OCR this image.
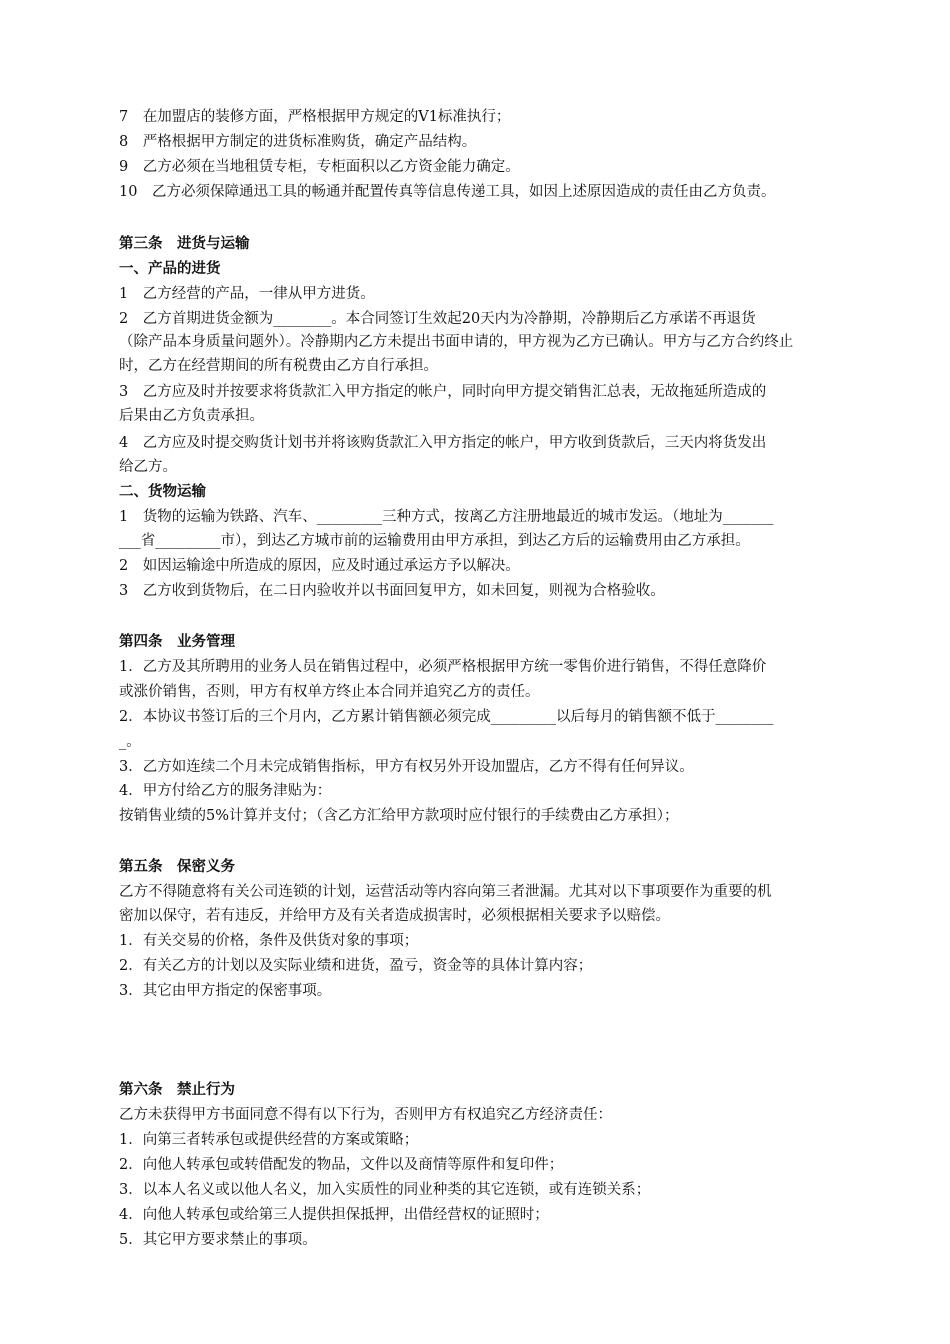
7　在加盟店的装修方面，严格根据甲方规定的V1标准执行；
8　严格根据甲方制定的进货标准购货，确定产品结构。
9　乙方必须在当地租赁专柜，专柜面积以乙方资金能力确定。
10　乙方必须保障通迅工具的畅通并配置传真等信息传递工具，如因上述原因造成的责任由乙方负责。
第三条　进货与运输
一、产品的进货
1　乙方经营的产品，一律从甲方进货。
2　乙方首期进货金额为________。本合同签订生效起20天内为冷静期，冷静期后乙方承诺不再退货
（除产品本身质量问题外）。冷静期内乙方未提出书面申请的，甲方视为乙方已确认。甲方与乙方合约终止
时，乙方在经营期间的所有税费由乙方自行承担。
3　乙方应及时并按要求将货款汇入甲方指定的帐户，同时向甲方提交销售汇总表，无故拖延所造成的
后果由乙方负责承担。
4　乙方应及时提交购货计划书并将该购货款汇入甲方指定的帐户，甲方收到货款后，三天内将货发出
给乙方。
二、货物运输
1　货物的运输为铁路、汽车、_________三种方式，按离乙方注册地最近的城市发运。（地址为_______
___省_________市），到达乙方城市前的运输费用由甲方承担，到达乙方后的运输费用由乙方承担。
2　如因运输途中所造成的原因，应及时通过承运方予以解决。
3　乙方收到货物后，在二日内验收并以书面回复甲方，如未回复，则视为合格验收。
第四条　业务管理
1．乙方及其所聘用的业务人员在销售过程中，必须严格根据甲方统一零售价进行销售，不得任意降价
或涨价销售，否则，甲方有权单方终止本合同并追究乙方的责任。
2．本协议书签订后的三个月内，乙方累计销售额必须完成_________以后每月的销售额不低于________
_。
3．乙方如连续二个月未完成销售指标，甲方有权另外开设加盟店，乙方不得有任何异议。
4．甲方付给乙方的服务津贴为：
按销售业绩的5%计算并支付；（含乙方汇给甲方款项时应付银行的手续费由乙方承担）；
第五条　保密义务
乙方不得随意将有关公司连锁的计划，运营活动等内容向第三者泄漏。尤其对以下事项要作为重要的机
密加以保守，若有违反，并给甲方及有关者造成损害时，必须根据相关要求予以赔偿。
1．有关交易的价格，条件及供货对象的事项；
2．有关乙方的计划以及实际业绩和进货，盈亏，资金等的具体计算内容；
3．其它由甲方指定的保密事项。
第六条　禁止行为
乙方未获得甲方书面同意不得有以下行为，否则甲方有权追究乙方经济责任：
1．向第三者转承包或提供经营的方案或策略；
2．向他人转承包或转借配发的物品，文件以及商情等原件和复印件；
3．以本人名义或以他人名义，加入实质性的同业种类的其它连锁，或有连锁关系；
4．向他人转承包或给第三人提供担保抵押，出借经营权的证照时；
5．其它甲方要求禁止的事项。
